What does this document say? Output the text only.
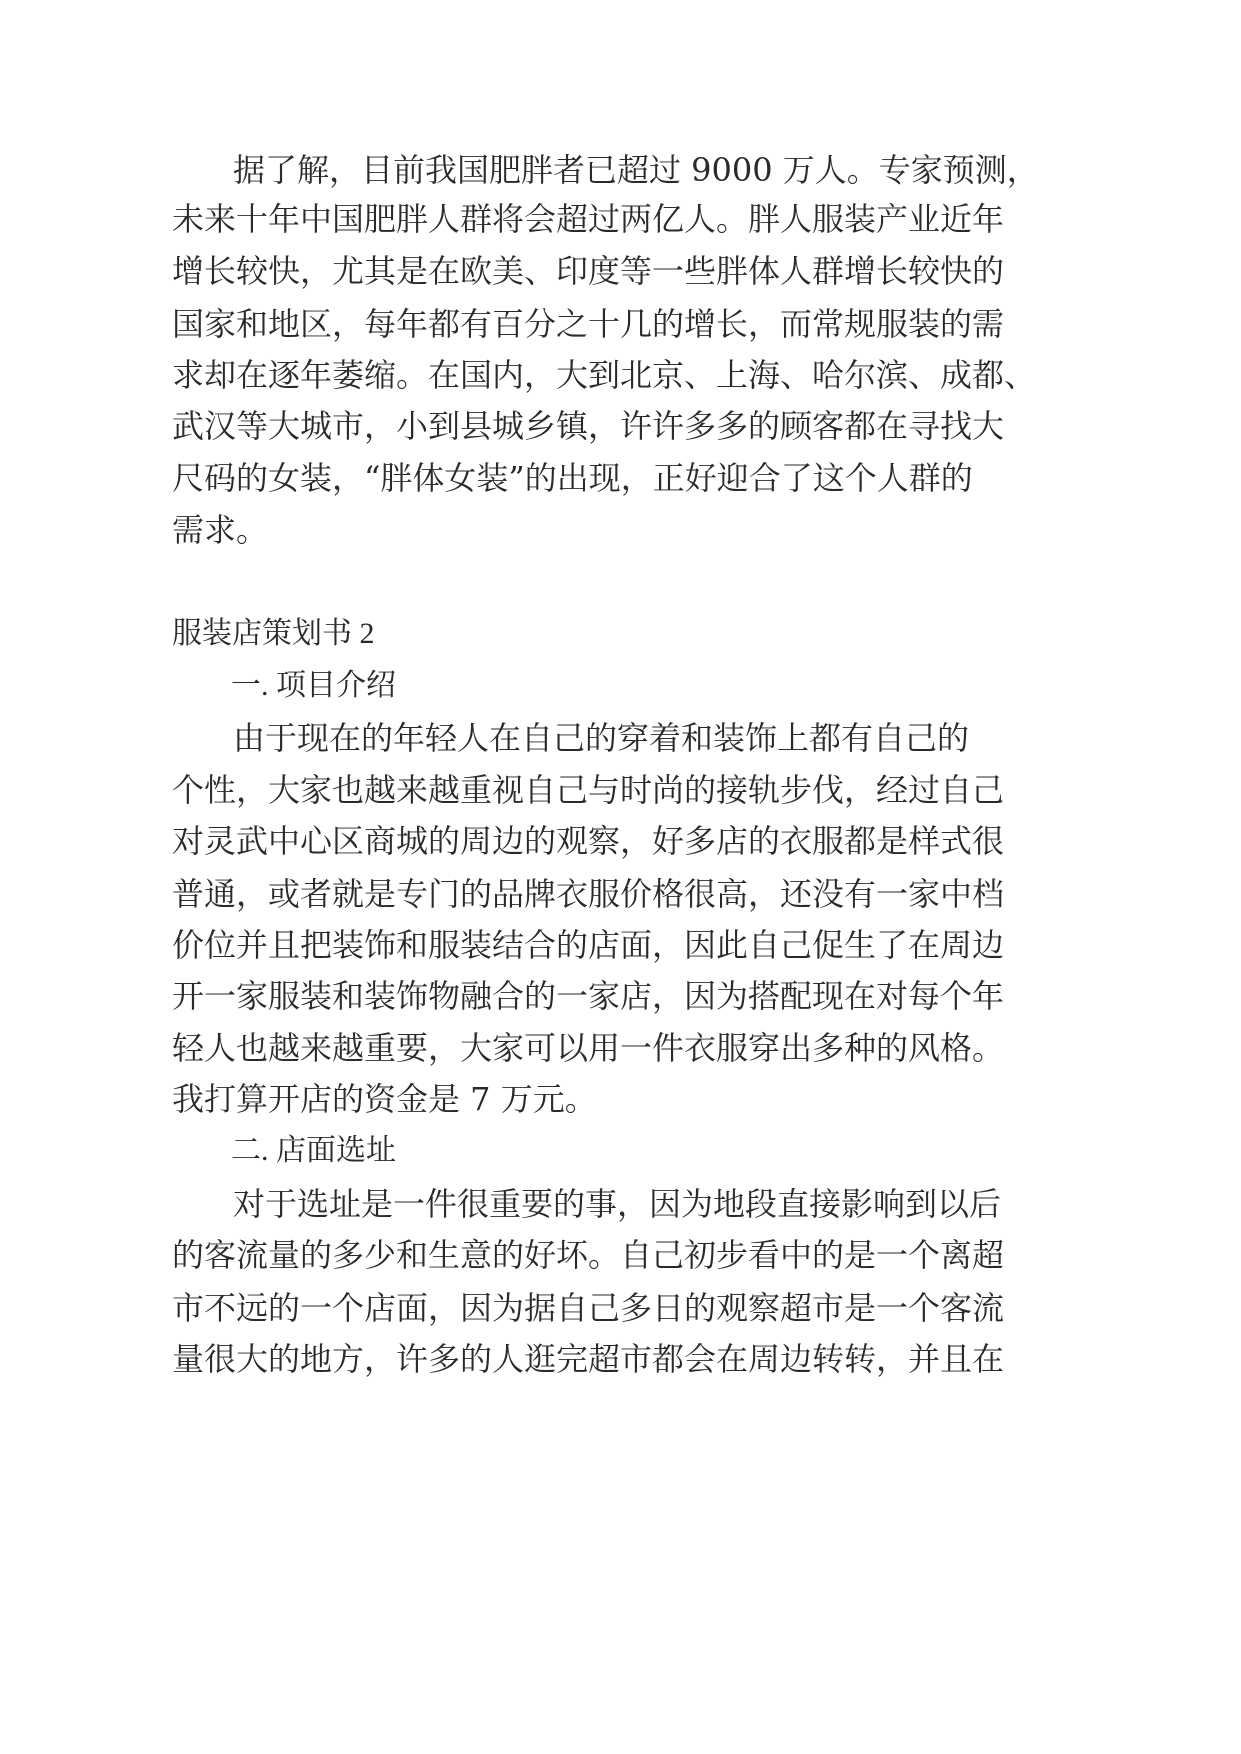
据了解，目前我国肥胖者已超过 9000 万人。专家预测，
未来十年中国肥胖人群将会超过两亿人。胖人服装产业近年
增长较快，尤其是在欧美、印度等一些胖体人群增长较快的
国家和地区，每年都有百分之十几的增长，而常规服装的需
求却在逐年萎缩。在国内，大到北京、上海、哈尔滨、成都、
武汉等大城市，小到县城乡镇，许许多多的顾客都在寻找大
尺码的女装，“胖体女装”的出现，正好迎合了这个人群的
需求。
服装店策划书 2
一. 项目介绍
由于现在的年轻人在自己的穿着和装饰上都有自己的
个性，大家也越来越重视自己与时尚的接轨步伐，经过自己
对灵武中心区商城的周边的观察，好多店的衣服都是样式很
普通，或者就是专门的品牌衣服价格很高，还没有一家中档
价位并且把装饰和服装结合的店面，因此自己促生了在周边
开一家服装和装饰物融合的一家店，因为搭配现在对每个年
轻人也越来越重要，大家可以用一件衣服穿出多种的风格。
我打算开店的资金是 7 万元。
二. 店面选址
对于选址是一件很重要的事，因为地段直接影响到以后
的客流量的多少和生意的好坏。自己初步看中的是一个离超
市不远的一个店面，因为据自己多日的观察超市是一个客流
量很大的地方，许多的人逛完超市都会在周边转转，并且在
